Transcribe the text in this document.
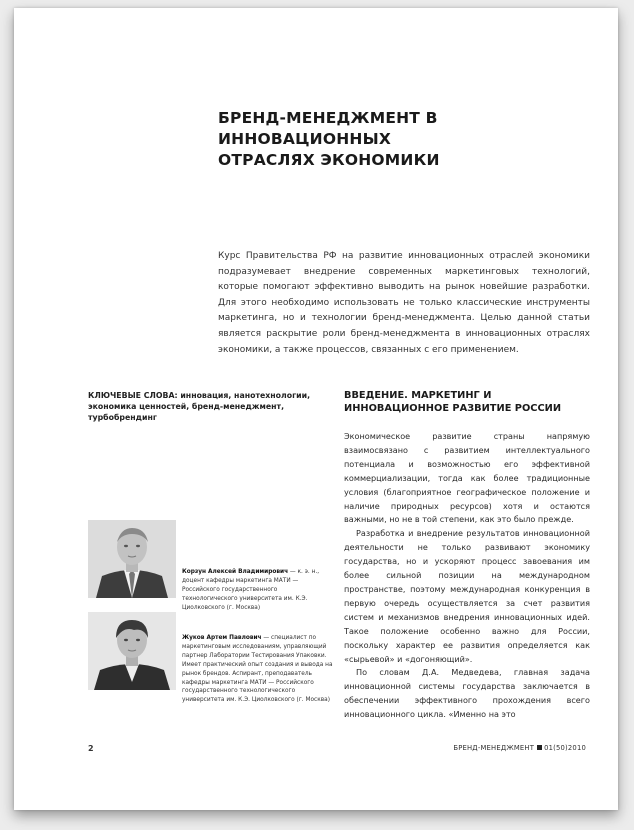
БРЕНД-МЕНЕДЖМЕНТ В ИННОВАЦИОННЫХ
ОТРАСЛЯХ ЭКОНОМИКИ
Курс Правительства РФ на развитие инновационных отраслей экономики подразумевает внедрение современных маркетинговых технологий, которые помогают эффективно выводить на рынок новейшие разработки. Для этого необходимо использовать не только классические инструменты маркетинга, но и технологии бренд-менеджмента. Целью данной статьи является раскрытие роли бренд-менеджмента в инновационных отраслях экономики, а также процессов, связанных с его применением.
КЛЮЧЕВЫЕ СЛОВА: инновация, нанотехнологии, экономика ценностей, бренд-менеджмент, турбобрендинг
ВВЕДЕНИЕ. МАРКЕТИНГ И
ИННОВАЦИОННОЕ РАЗВИТИЕ РОССИИ

Экономическое развитие страны напрямую взаимосвязано с развитием интеллектуального потенциала и возможностью его эффективной коммерциализации, тогда как более традиционные условия (благоприятное географическое положение и наличие природных ресурсов) хотя и остаются важными, но не в той степени, как это было прежде.

Разработка и внедрение результатов инновационной деятельности не только развивают экономику государства, но и ускоряют процесс завоевания им более сильной позиции на международном пространстве, поэтому международная конкуренция в первую очередь осуществляется за счет развития систем и механизмов внедрения инновационных идей. Такое положение особенно важно для России, поскольку характер ее развития определяется как «сырьевой» и «догоняющий».

По словам Д.А. Медведева, главная задача инновационной системы государства заключается в обеспечении эффективного прохождения всего инновационного цикла. «Именно на это

Корзун Алексей Владимирович — к. э. н., доцент кафедры маркетинга МАТИ — Российского государственного технологического университета им. К.Э. Циолковского (г. Москва)
Жуков Артем Павлович — специалист по маркетинговым исследованиям, управляющий партнер Лаборатории Тестирования Упаковки. Имеет практический опыт создания и вывода на рынок брендов. Аспирант, преподаватель кафедры маркетинга МАТИ — Российского государственного технологического университета им. К.Э. Циолковского (г. Москва)
2	БРЕНД-МЕНЕДЖМЕНТ 01(50)2010
